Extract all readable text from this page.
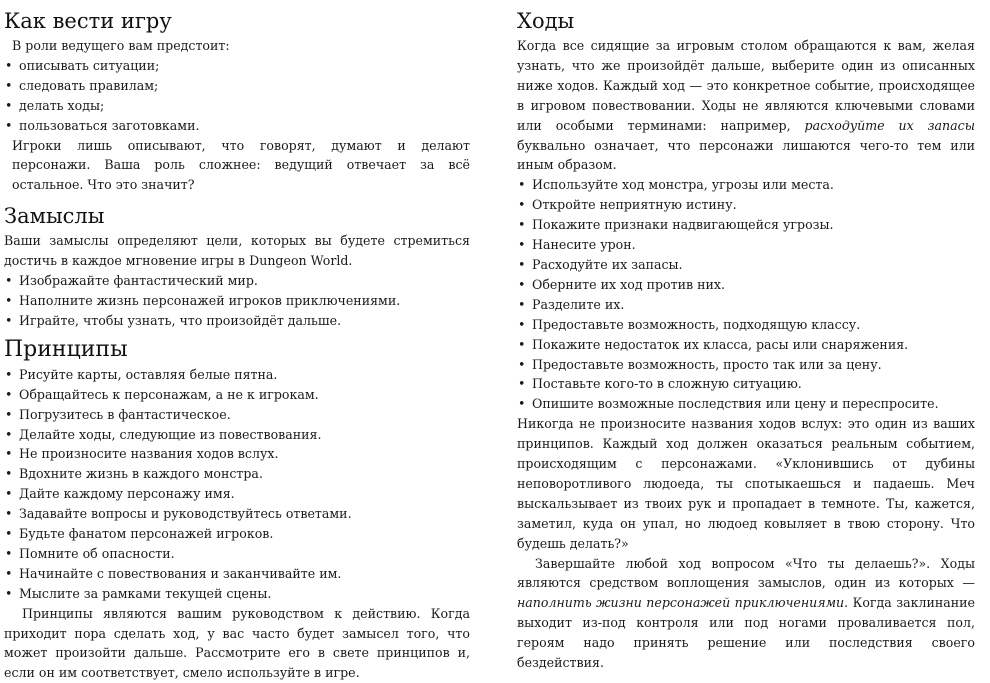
Как вести игру

В роли ведущего вам предстоит:

• описывать ситуации;
• следовать правилам;
• делать ходы;
• пользоваться заготовками.

Игроки лишь описывают, что говорят, думают и делают персонажи. Ваша роль сложнее: ведущий отвечает за всё остальное. Что это значит?

Замыслы

Ваши замыслы определяют цели, которых вы будете стремиться достичь в каждое мгновение игры в Dungeon World.

• Изображайте фантастический мир.
• Наполните жизнь персонажей игроков приключениями.
• Играйте, чтобы узнать, что произойдёт дальше.
Принципы
• Рисуйте карты, оставляя белые пятна.
• Обращайтесь к персонажам, а не к игрокам.
• Погрузитесь в фантастическое.
• Делайте ходы, следующие из повествования.
• Не произносите названия ходов вслух.
• Вдохните жизнь в каждого монстра.
• Дайте каждому персонажу имя.
• Задавайте вопросы и руководствуйтесь ответами.
• Будьте фанатом персонажей игроков.
• Помните об опасности.
• Начинайте с повествования и заканчивайте им.
• Мыслите за рамками текущей сцены.

Принципы являются вашим руководством к действию. Когда приходит пора сделать ход, у вас часто будет замысел того, что может произойти дальше. Рассмотрите его в свете принципов и, если он им соответствует, смело используйте в игре.

Ходы

Когда все сидящие за игровым столом обращаются к вам, желая узнать, что же произойдёт дальше, выберите один из описанных ниже ходов. Каждый ход — это конкретное событие, происходящее в игровом повествовании. Ходы не являются ключевыми словами или особыми терминами: например, расходуйте их запасы буквально означает, что персонажи лишаются чего-то тем или иным образом.

• Используйте ход монстра, угрозы или места.
• Откройте неприятную истину.
• Покажите признаки надвигающейся угрозы.
• Нанесите урон.
• Расходуйте их запасы.
• Оберните их ход против них.
• Разделите их.
• Предоставьте возможность, подходящую классу.
• Покажите недостаток их класса, расы или снаряжения.
• Предоставьте возможность, просто так или за цену.
• Поставьте кого-то в сложную ситуацию.
• Опишите возможные последствия или цену и переспросите.

Никогда не произносите названия ходов вслух: это один из ваших принципов. Каждый ход должен оказаться реальным событием, происходящим с персонажами. «Уклонившись от дубины неповоротливого людоеда, ты спотыкаешься и падаешь. Меч выскальзывает из твоих рук и пропадает в темноте. Ты, кажется, заметил, куда он упал, но людоед ковыляет в твою сторону. Что будешь делать?»

Завершайте любой ход вопросом «Что ты делаешь?». Ходы являются средством воплощения замыслов, один из которых — наполнить жизни персонажей приключениями. Когда заклинание выходит из-под контроля или под ногами проваливается пол, героям надо принять решение или последствия своего бездействия.
